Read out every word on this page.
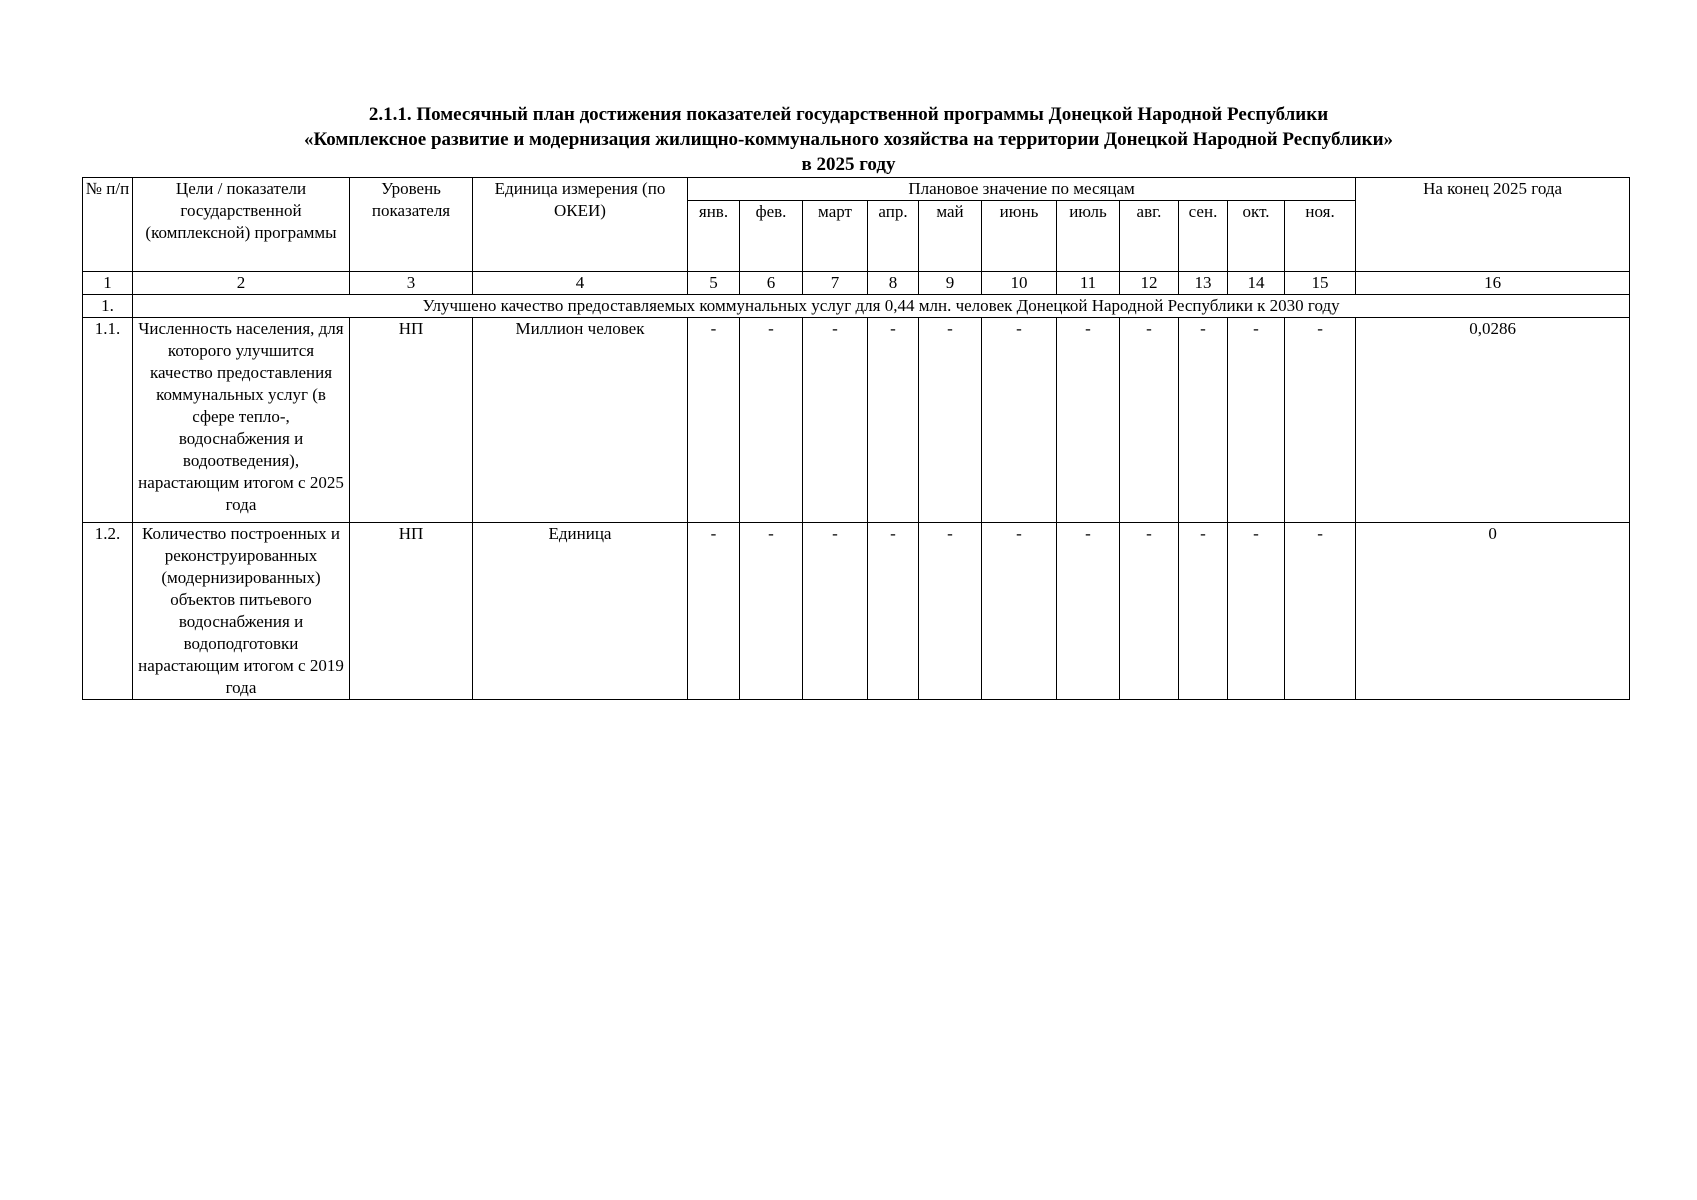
2.1.1. Помесячный план достижения показателей государственной программы Донецкой Народной Республики
«Комплексное развитие и модернизация жилищно-коммунального хозяйства на территории Донецкой Народной Республики»
в 2025 году
№ п/п	Цели / показатели государственной (комплексной) программы	Уровень показателя	Единица измерения (по ОКЕИ)	Плановое значение по месяцам											На конец 2025 года
				янв.	фев.	март	апр.	май	июнь	июль	авг.	сен.	окт.	ноя.	
1	2	3	4	5	6	7	8	9	10	11	12	13	14	15	16
1.	Улучшено качество предоставляемых коммунальных услуг для 0,44 млн. человек Донецкой Народной Республики к 2030 году														
1.1.	Численность населения, для которого улучшится качество предоставления коммунальных услуг (в сфере тепло-, водоснабжения и водоотведения), нарастающим итогом с 2025 года	НП	Миллион человек	-	-	-	-	-	-	-	-	-	-	-	0,0286
1.2.	Количество построенных и реконструированных (модернизированных) объектов питьевого водоснабжения и водоподготовки нарастающим итогом с 2019 года	НП	Единица	-	-	-	-	-	-	-	-	-	-	-	0
